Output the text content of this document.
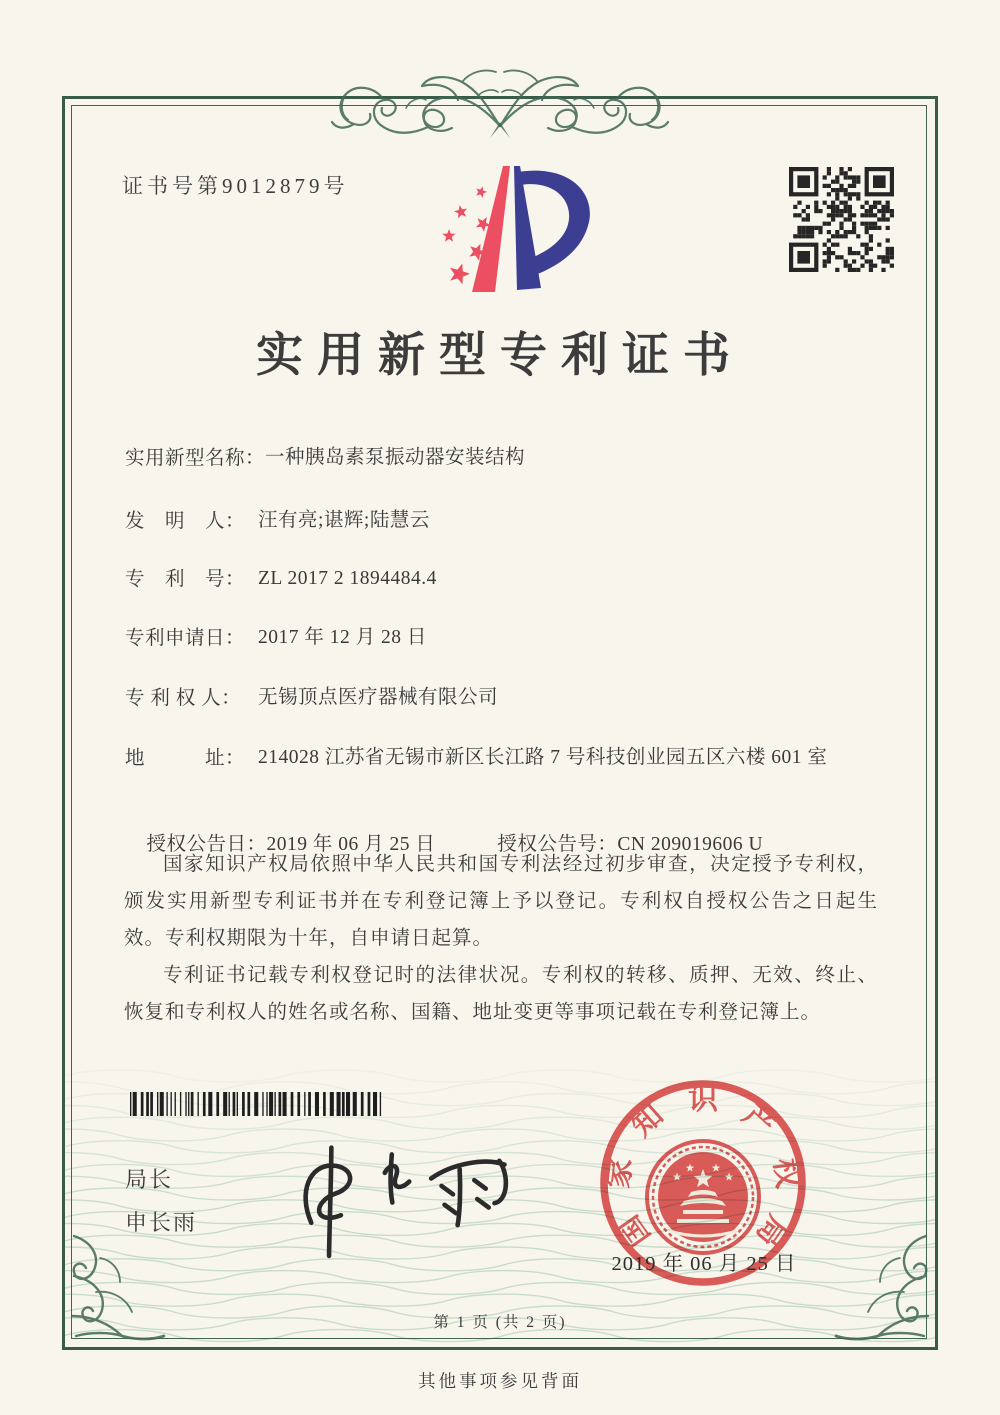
证书号第9012879号
实用新型专利证书
实用新型名称： 一种胰岛素泵振动器安装结构
发　明　人： 汪有亮;谌辉;陆慧云
专　利　号： ZL 2017 2 1894484.4
专利申请日： 2017 年 12 月 28 日
专 利 权 人： 无锡顶点医疗器械有限公司
地　　　址： 214028 江苏省无锡市新区长江路 7 号科技创业园五区六楼 601 室

授权公告日：2019 年 06 月 25 日	授权公告号：CN 209019606 U

国家知识产权局依照中华人民共和国专利法经过初步审查，决定授予专利权，颁发实用新型专利证书并在专利登记簿上予以登记。专利权自授权公告之日起生效。专利权期限为十年，自申请日起算。

专利证书记载专利权登记时的法律状况。专利权的转移、质押、无效、终止、恢复和专利权人的姓名或名称、国籍、地址变更等事项记载在专利登记簿上。

局长
申长雨	国
家
知 识 产
权
局
2019 年 06 月 25 日
第 1 页 (共 2 页)
其他事项参见背面
